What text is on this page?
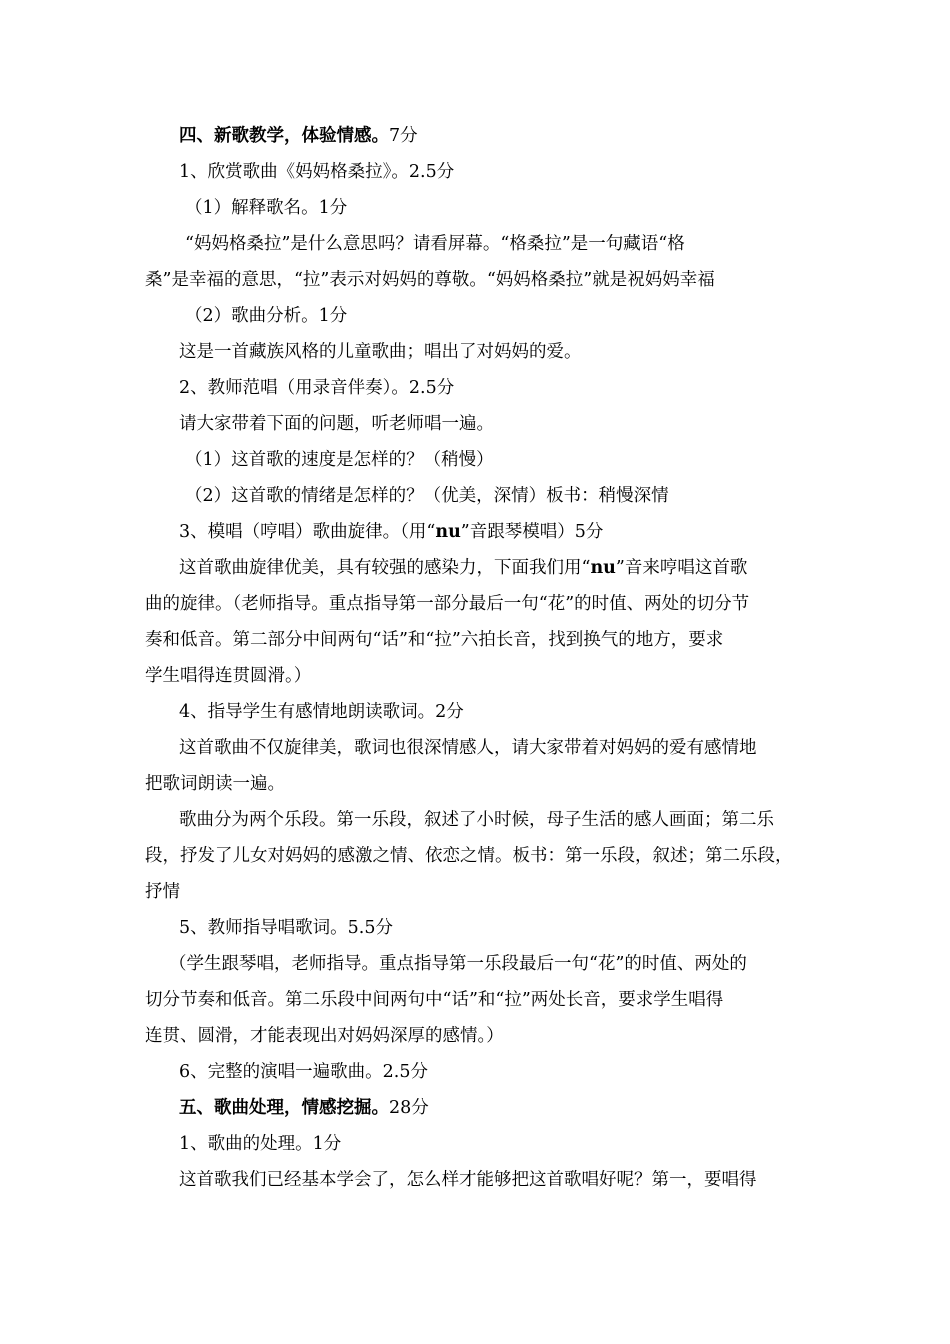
四、新歌教学，体验情感。7分
1、欣赏歌曲《妈妈格桑拉》。2.5分
（1）解释歌名。1分
“妈妈格桑拉”是什么意思吗？请看屏幕。“格桑拉”是一句藏语“格
桑”是幸福的意思，“拉”表示对妈妈的尊敬。“妈妈格桑拉”就是祝妈妈幸福
（2）歌曲分析。1分
这是一首藏族风格的儿童歌曲；唱出了对妈妈的爱。
2、教师范唱（用录音伴奏）。2.5分
请大家带着下面的问题，听老师唱一遍。
（1）这首歌的速度是怎样的？（稍慢）
（2）这首歌的情绪是怎样的？（优美，深情）板书：稍慢深情
3、模唱（哼唱）歌曲旋律。（用“nu”音跟琴模唱）5分
这首歌曲旋律优美，具有较强的感染力，下面我们用“nu”音来哼唱这首歌
曲的旋律。（老师指导。重点指导第一部分最后一句“花”的时值、两处的切分节
奏和低音。第二部分中间两句“话”和“拉”六拍长音，找到换气的地方，要求
学生唱得连贯圆滑。）
4、指导学生有感情地朗读歌词。2分
这首歌曲不仅旋律美，歌词也很深情感人，请大家带着对妈妈的爱有感情地
把歌词朗读一遍。
歌曲分为两个乐段。第一乐段，叙述了小时候，母子生活的感人画面；第二乐
段，抒发了儿女对妈妈的感激之情、依恋之情。板书：第一乐段，叙述；第二乐段，
抒情
5、教师指导唱歌词。5.5分
（学生跟琴唱，老师指导。重点指导第一乐段最后一句“花”的时值、两处的
切分节奏和低音。第二乐段中间两句中“话”和“拉”两处长音，要求学生唱得
连贯、圆滑，才能表现出对妈妈深厚的感情。）
6、完整的演唱一遍歌曲。2.5分
五、歌曲处理，情感挖掘。28分
1、歌曲的处理。1分
这首歌我们已经基本学会了，怎么样才能够把这首歌唱好呢？第一，要唱得
